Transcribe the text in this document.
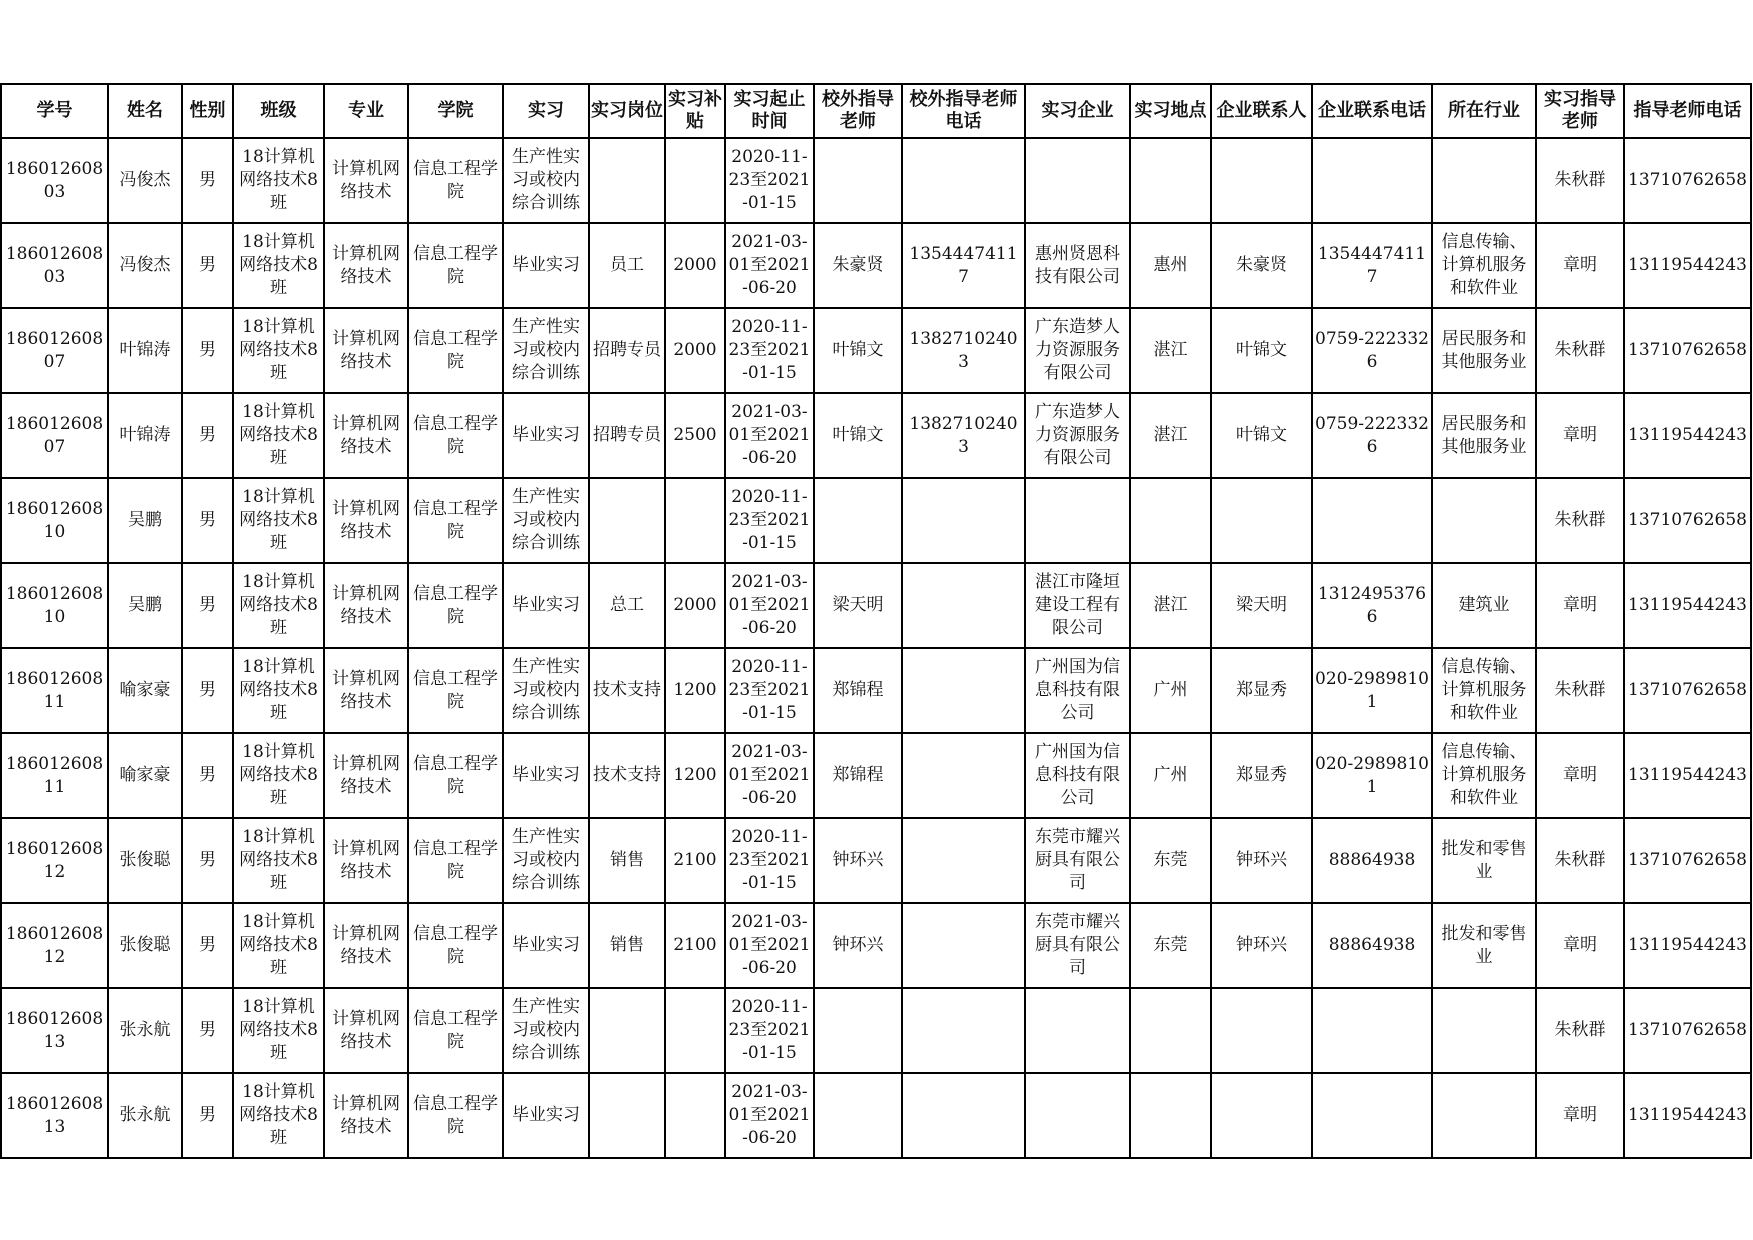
学号	姓名	性别	班级	专业	学院	实习	实习岗位	实习补贴	实习起止时间	校外指导老师	校外指导老师电话	实习企业	实习地点	企业联系人	企业联系电话	所在行业	实习指导老师	指导老师电话

18601260803	冯俊杰	男	18计算机网络技术8班	计算机网络技术	信息工程学院	生产性实习或校内综合训练			2020-11-23至2021-01-15								朱秋群	13710762658

18601260803	冯俊杰	男	18计算机网络技术8班	计算机网络技术	信息工程学院	毕业实习	员工	2000	2021-03-01至2021-06-20	朱豪贤	13544474117	惠州贤恩科技有限公司	惠州	朱豪贤	13544474117	信息传输、计算机服务和软件业	章明	13119544243

18601260807	叶锦涛	男	18计算机网络技术8班	计算机网络技术	信息工程学院	生产性实习或校内综合训练	招聘专员	2000	2020-11-23至2021-01-15	叶锦文	13827102403	广东造梦人力资源服务有限公司	湛江	叶锦文	0759-2223326	居民服务和其他服务业	朱秋群	13710762658

18601260807	叶锦涛	男	18计算机网络技术8班	计算机网络技术	信息工程学院	毕业实习	招聘专员	2500	2021-03-01至2021-06-20	叶锦文	13827102403	广东造梦人力资源服务有限公司	湛江	叶锦文	0759-2223326	居民服务和其他服务业	章明	13119544243

18601260810	吴鹏	男	18计算机网络技术8班	计算机网络技术	信息工程学院	生产性实习或校内综合训练			2020-11-23至2021-01-15								朱秋群	13710762658

18601260810	吴鹏	男	18计算机网络技术8班	计算机网络技术	信息工程学院	毕业实习	总工	2000	2021-03-01至2021-06-20	梁天明		湛江市隆垣建设工程有限公司	湛江	梁天明	13124953766	建筑业	章明	13119544243

18601260811	喻家豪	男	18计算机网络技术8班	计算机网络技术	信息工程学院	生产性实习或校内综合训练	技术支持	1200	2020-11-23至2021-01-15	郑锦程		广州国为信息科技有限公司	广州	郑显秀	020-29898101	信息传输、计算机服务和软件业	朱秋群	13710762658

18601260811	喻家豪	男	18计算机网络技术8班	计算机网络技术	信息工程学院	毕业实习	技术支持	1200	2021-03-01至2021-06-20	郑锦程		广州国为信息科技有限公司	广州	郑显秀	020-29898101	信息传输、计算机服务和软件业	章明	13119544243

18601260812	张俊聪	男	18计算机网络技术8班	计算机网络技术	信息工程学院	生产性实习或校内综合训练	销售	2100	2020-11-23至2021-01-15	钟环兴		东莞市耀兴厨具有限公司	东莞	钟环兴	88864938	批发和零售业	朱秋群	13710762658

18601260812	张俊聪	男	18计算机网络技术8班	计算机网络技术	信息工程学院	毕业实习	销售	2100	2021-03-01至2021-06-20	钟环兴		东莞市耀兴厨具有限公司	东莞	钟环兴	88864938	批发和零售业	章明	13119544243

18601260813	张永航	男	18计算机网络技术8班	计算机网络技术	信息工程学院	生产性实习或校内综合训练			2020-11-23至2021-01-15								朱秋群	13710762658

18601260813	张永航	男	18计算机网络技术8班	计算机网络技术	信息工程学院	毕业实习			2021-03-01至2021-06-20								章明	13119544243
